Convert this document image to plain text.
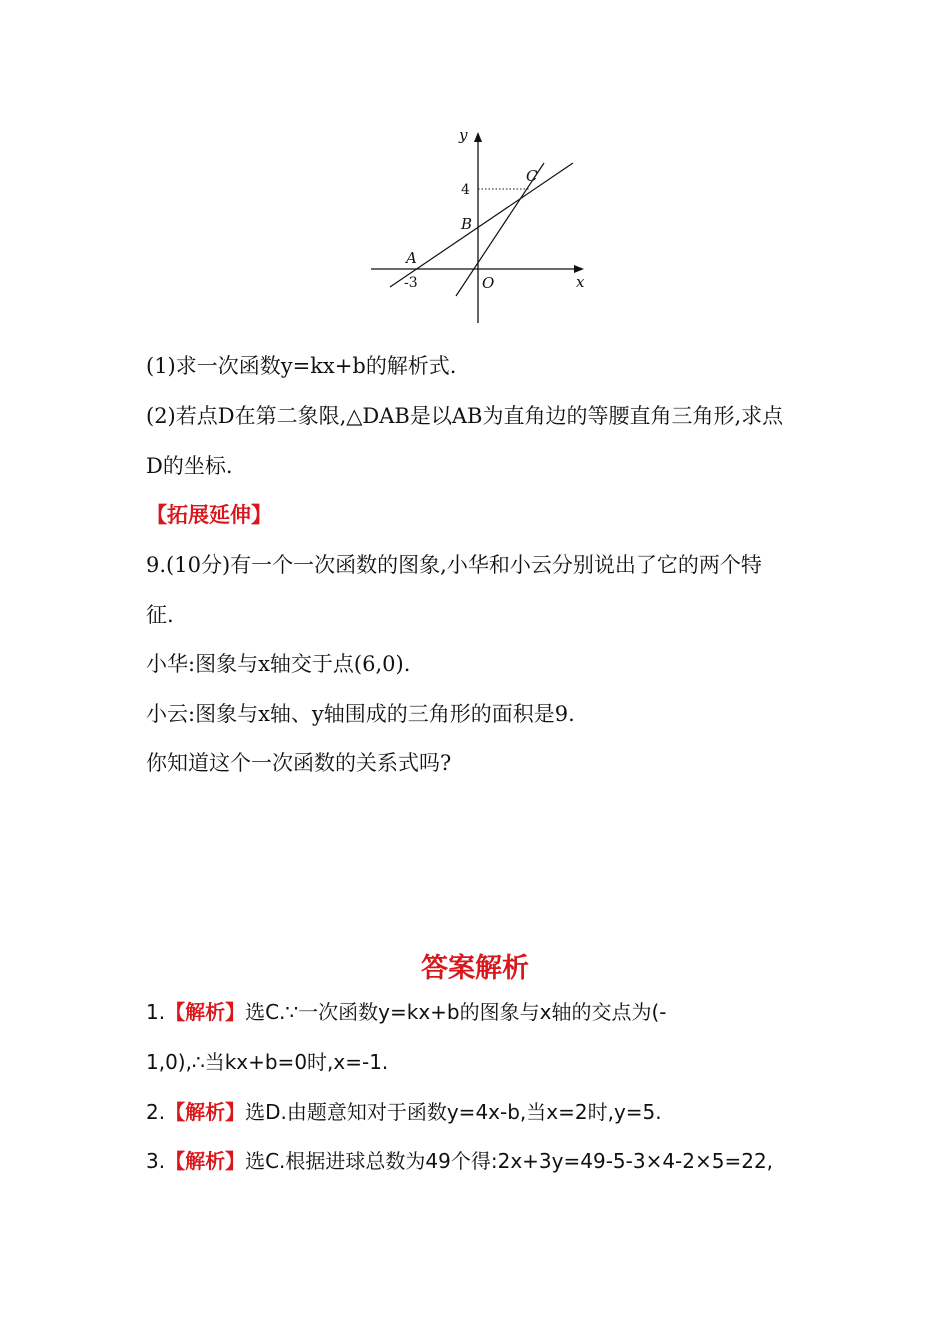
y
x
O
A
B
C
4
-3
(1)求一次函数y=kx+b的解析式.
(2)若点D在第二象限,△DAB是以AB为直角边的等腰直角三角形,求点
D的坐标.
【拓展延伸】
9.(10分)有一个一次函数的图象,小华和小云分别说出了它的两个特
征.
小华:图象与x轴交于点(6,0).
小云:图象与x轴、y轴围成的三角形的面积是9.
你知道这个一次函数的关系式吗?
答案解析
1.【解析】选C.∵一次函数y=kx+b的图象与x轴的交点为(-
1,0),∴当kx+b=0时,x=-1.
2.【解析】选D.由题意知对于函数y=4x-b,当x=2时,y=5.
3.【解析】选C.根据进球总数为49个得:2x+3y=49-5-3×4-2×5=22,
